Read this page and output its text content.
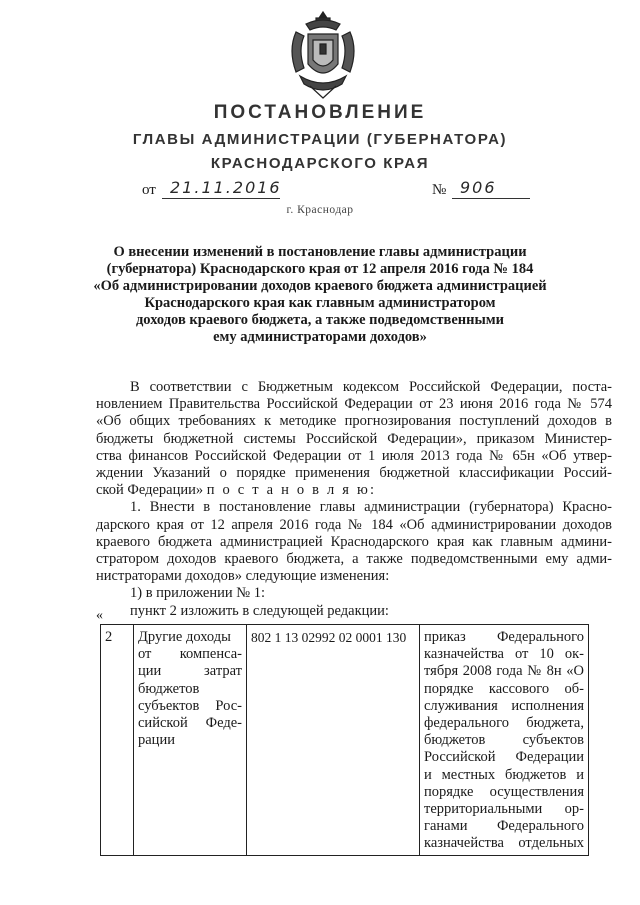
ПОСТАНОВЛЕНИЕ
ГЛАВЫ АДМИНИСТРАЦИИ (ГУБЕРНАТОРА)
КРАСНОДАРСКОГО КРАЯ
от 21.11.2016	№ 906
г. Краснодар
О внесении изменений в постановление главы администрации
(губернатора) Краснодарского края от 12 апреля 2016 года № 184
«Об администрировании доходов краевого бюджета администрацией
Краснодарского края как главным администратором
доходов краевого бюджета, а также подведомственными
ему администраторами доходов»
В соответствии с Бюджетным кодексом Российской Федерации, поста-
новлением Правительства Российской Федерации от 23 июня 2016 года № 574
«Об общих требованиях к методике прогнозирования поступлений доходов в
бюджеты бюджетной системы Российской Федерации», приказом Министер-
ства финансов Российской Федерации от 1 июля 2013 года № 65н «Об утвер-
ждении Указаний о порядке применения бюджетной классификации Россий-
ской Федерации» п о с т а н о в л я ю:
1. Внести в постановление главы администрации (губернатора) Красно-
дарского края от 12 апреля 2016 года № 184 «Об администрировании доходов
краевого бюджета администрацией Краснодарского края как главным админи-
стратором доходов краевого бюджета, а также подведомственными ему адми-
нистраторами доходов» следующие изменения:
1) в приложении № 1:
пункт 2 изложить в следующей редакции:
«
2	Другие доходы
от компенса-
ции затрат
бюджетов
субъектов Рос-
сийской Феде-
рации
	802 1 13 02992 02 0001 130	приказ Федерального
казначейства от 10 ок-
тября 2008 года № 8н «О
порядке кассового об-
служивания исполнения
федерального бюджета,
бюджетов субъектов
Российской Федерации
и местных бюджетов и
порядке осуществления
территориальными ор-
ганами Федерального
казначейства отдельных
